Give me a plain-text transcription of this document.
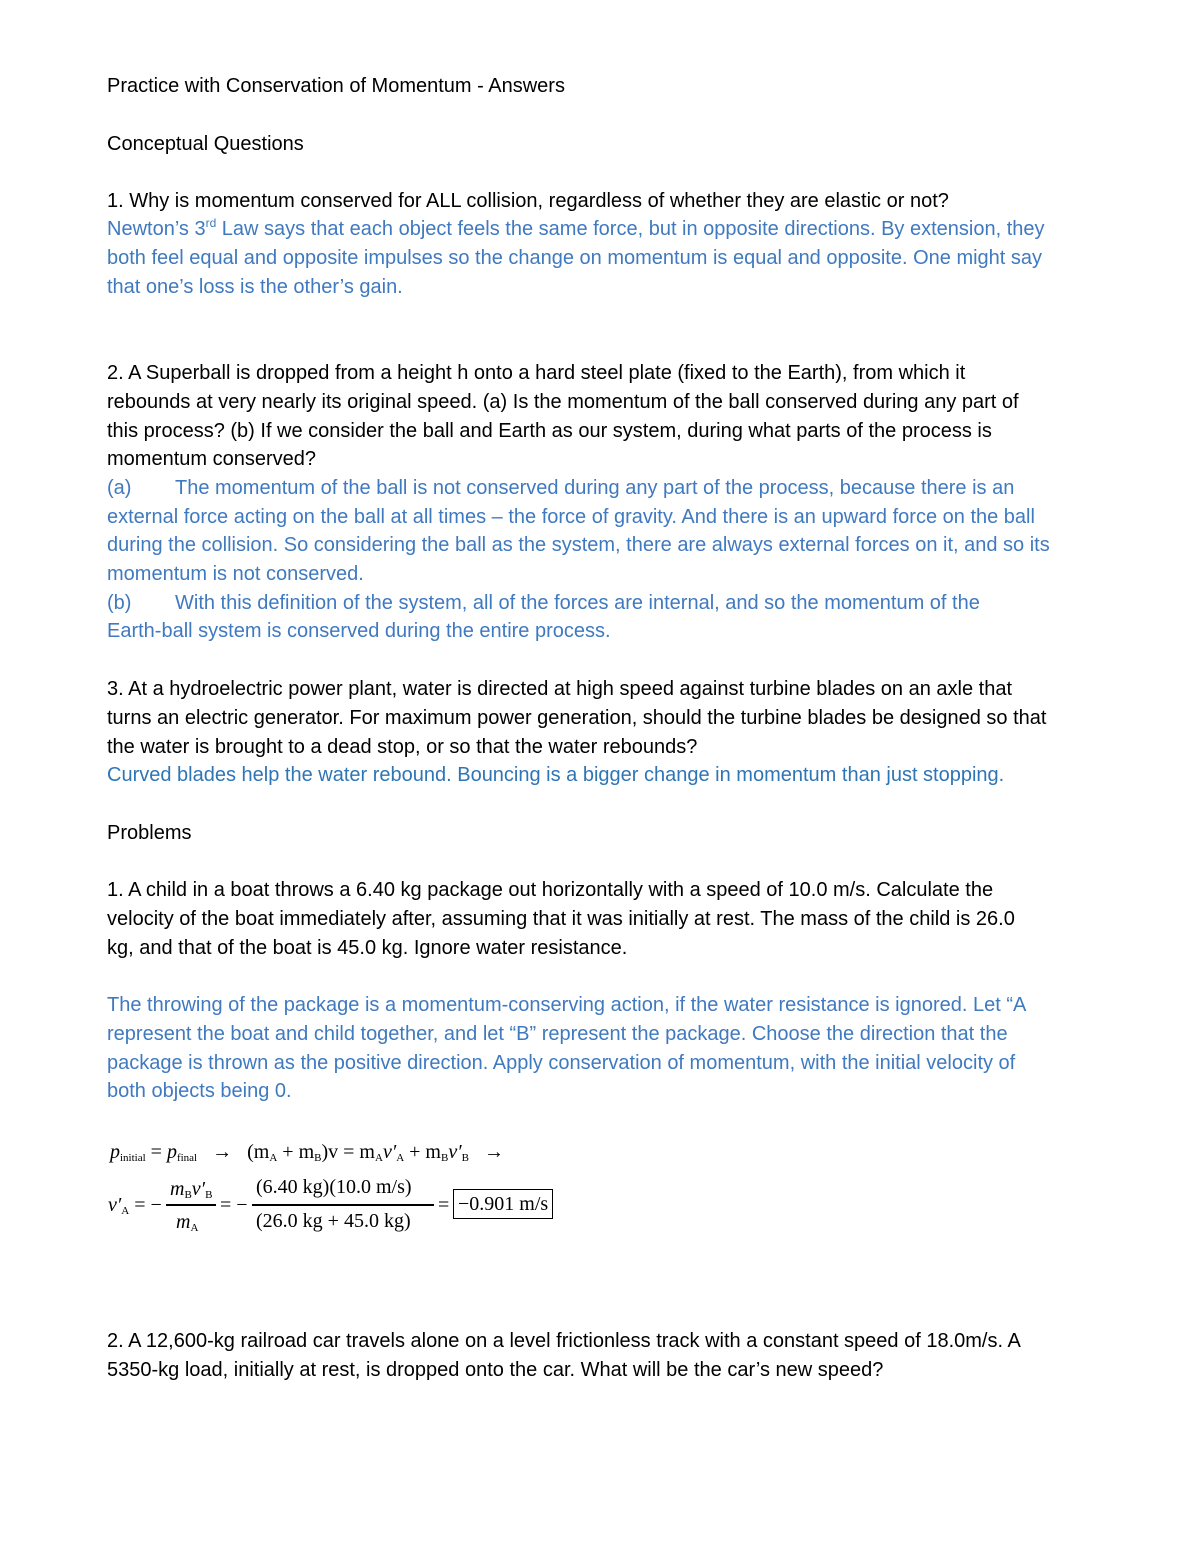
Practice with Conservation of Momentum - Answers
Conceptual Questions
1. Why is momentum conserved for ALL collision, regardless of whether they are elastic or not?
Newton’s 3rd Law says that each object feels the same force, but in opposite directions. By extension, they
both feel equal and opposite impulses so the change on momentum is equal and opposite. One might say
that one’s loss is the other’s gain.
2. A Superball is dropped from a height h onto a hard steel plate (fixed to the Earth), from which it
rebounds at very nearly its original speed. (a) Is the momentum of the ball conserved during any part of
this process? (b) If we consider the ball and Earth as our system, during what parts of the process is
momentum conserved?
(a) The momentum of the ball is not conserved during any part of the process, because there is an
external force acting on the ball at all times – the force of gravity. And there is an upward force on the ball
during the collision. So considering the ball as the system, there are always external forces on it, and so its
momentum is not conserved.
(b) With this definition of the system, all of the forces are internal, and so the momentum of the
Earth-ball system is conserved during the entire process.
3. At a hydroelectric power plant, water is directed at high speed against turbine blades on an axle that
turns an electric generator. For maximum power generation, should the turbine blades be designed so that
the water is brought to a dead stop, or so that the water rebounds?
Curved blades help the water rebound. Bouncing is a bigger change in momentum than just stopping.
Problems
1. A child in a boat throws a 6.40 kg package out horizontally with a speed of 10.0 m/s. Calculate the
velocity of the boat immediately after, assuming that it was initially at rest. The mass of the child is 26.0
kg, and that of the boat is 45.0 kg. Ignore water resistance.
The throwing of the package is a momentum-conserving action, if the water resistance is ignored. Let “A
represent the boat and child together, and let “B” represent the package. Choose the direction that the
package is thrown as the positive direction. Apply conservation of momentum, with the initial velocity of
both objects being 0.
$p_{initial} = p_{final} \to (m_A + m_B)v = m_Av'_A + m_Bv'_B$ →
$v'_A$ = −
$m_Bv'_B$
$m_A$
= −
(6.40 kg)(10.0 m/s)
(26.0 kg + 45.0 kg)
= −0.901 m/s
2. A 12,600-kg railroad car travels alone on a level frictionless track with a constant speed of 18.0m/s. A
5350-kg load, initially at rest, is dropped onto the car. What will be the car’s new speed?
